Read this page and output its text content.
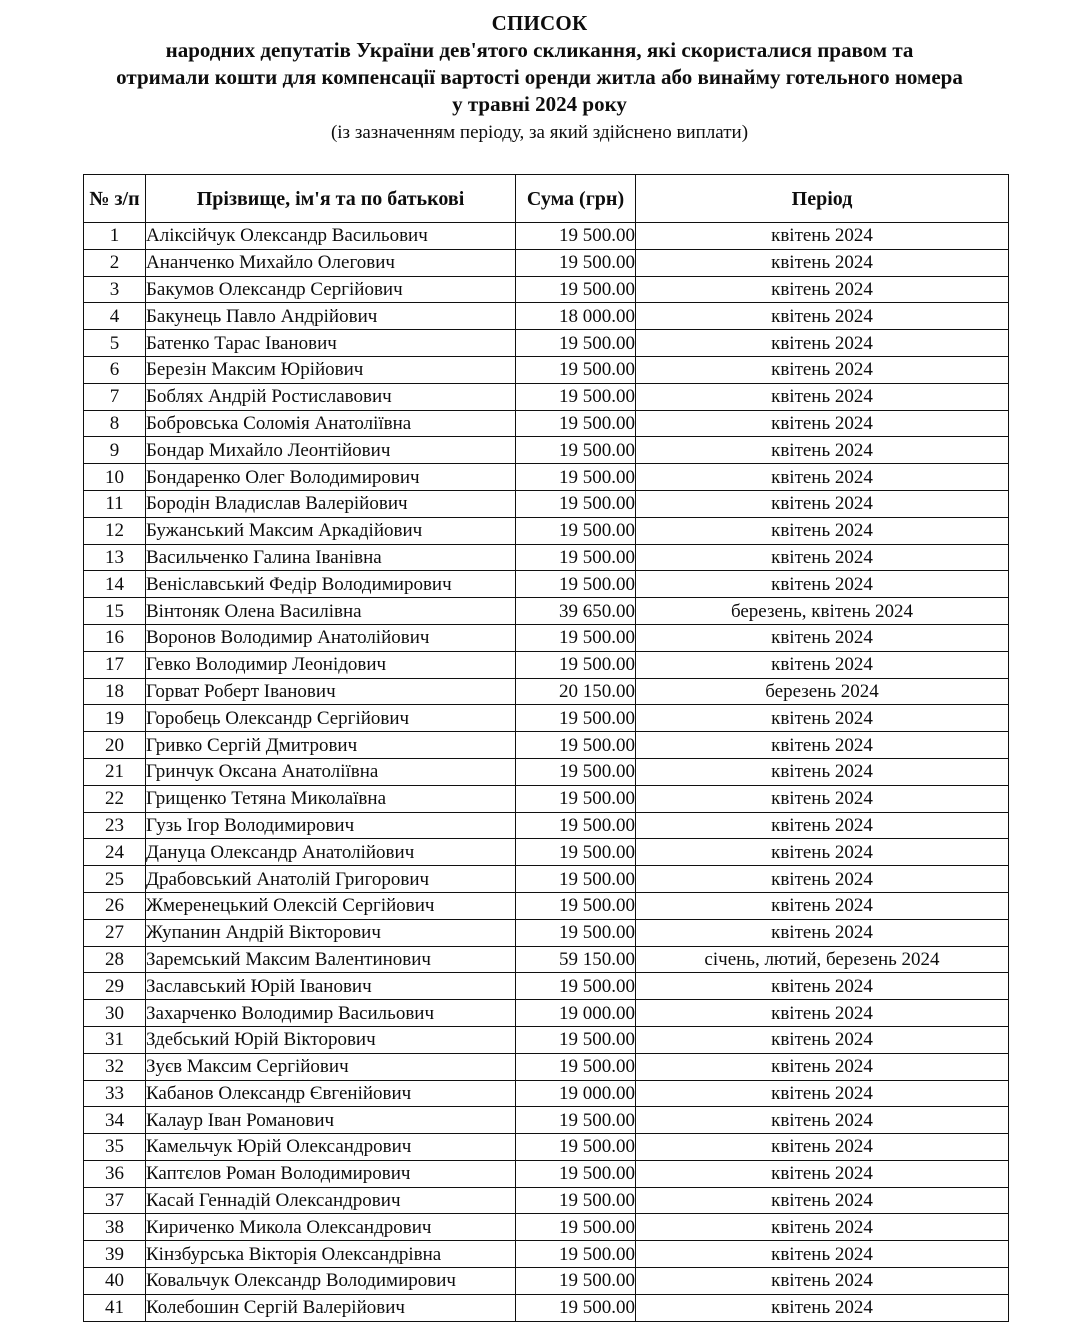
СПИСОК
народних депутатів України дев'ятого скликання, які скористалися правом та
отримали кошти для компенсації вартості оренди житла або винайму готельного номера
у травні 2024 року
(із зазначенням періоду, за який здійснено виплати)
№ з/п	Прізвище, ім'я та по батькові	Сума (грн)	Період
1	Аліксійчук Олександр Васильович	19 500.00	квітень 2024
2	Ананченко Михайло Олегович	19 500.00	квітень 2024
3	Бакумов Олександр Сергійович	19 500.00	квітень 2024
4	Бакунець Павло Андрійович	18 000.00	квітень 2024
5	Батенко Тарас Іванович	19 500.00	квітень 2024
6	Березін Максим Юрійович	19 500.00	квітень 2024
7	Боблях Андрій Ростиславович	19 500.00	квітень 2024
8	Бобровська Соломія Анатоліївна	19 500.00	квітень 2024
9	Бондар Михайло Леонтійович	19 500.00	квітень 2024
10	Бондаренко Олег Володимирович	19 500.00	квітень 2024
11	Бородін Владислав Валерійович	19 500.00	квітень 2024
12	Бужанський Максим Аркадійович	19 500.00	квітень 2024
13	Васильченко Галина Іванівна	19 500.00	квітень 2024
14	Веніславський Федір Володимирович	19 500.00	квітень 2024
15	Вінтоняк Олена Василівна	39 650.00	березень, квітень 2024
16	Воронов Володимир Анатолійович	19 500.00	квітень 2024
17	Гевко Володимир Леонідович	19 500.00	квітень 2024
18	Горват Роберт Іванович	20 150.00	березень 2024
19	Горобець Олександр Сергійович	19 500.00	квітень 2024
20	Гривко Сергій Дмитрович	19 500.00	квітень 2024
21	Гринчук Оксана Анатоліївна	19 500.00	квітень 2024
22	Грищенко Тетяна Миколаївна	19 500.00	квітень 2024
23	Гузь Ігор Володимирович	19 500.00	квітень 2024
24	Дануца Олександр Анатолійович	19 500.00	квітень 2024
25	Драбовський Анатолій Григорович	19 500.00	квітень 2024
26	Жмеренецький Олексій Сергійович	19 500.00	квітень 2024
27	Жупанин Андрій Вікторович	19 500.00	квітень 2024
28	Заремський Максим Валентинович	59 150.00	січень, лютий, березень 2024
29	Заславський Юрій Іванович	19 500.00	квітень 2024
30	Захарченко Володимир Васильович	19 000.00	квітень 2024
31	Здебський Юрій Вікторович	19 500.00	квітень 2024
32	Зуєв Максим Сергійович	19 500.00	квітень 2024
33	Кабанов Олександр Євгенійович	19 000.00	квітень 2024
34	Калаур Іван Романович	19 500.00	квітень 2024
35	Камельчук Юрій Олександрович	19 500.00	квітень 2024
36	Каптєлов Роман Володимирович	19 500.00	квітень 2024
37	Касай Геннадій Олександрович	19 500.00	квітень 2024
38	Кириченко Микола Олександрович	19 500.00	квітень 2024
39	Кінзбурська Вікторія Олександрівна	19 500.00	квітень 2024
40	Ковальчук Олександр Володимирович	19 500.00	квітень 2024
41	Колебошин Сергій Валерійович	19 500.00	квітень 2024
